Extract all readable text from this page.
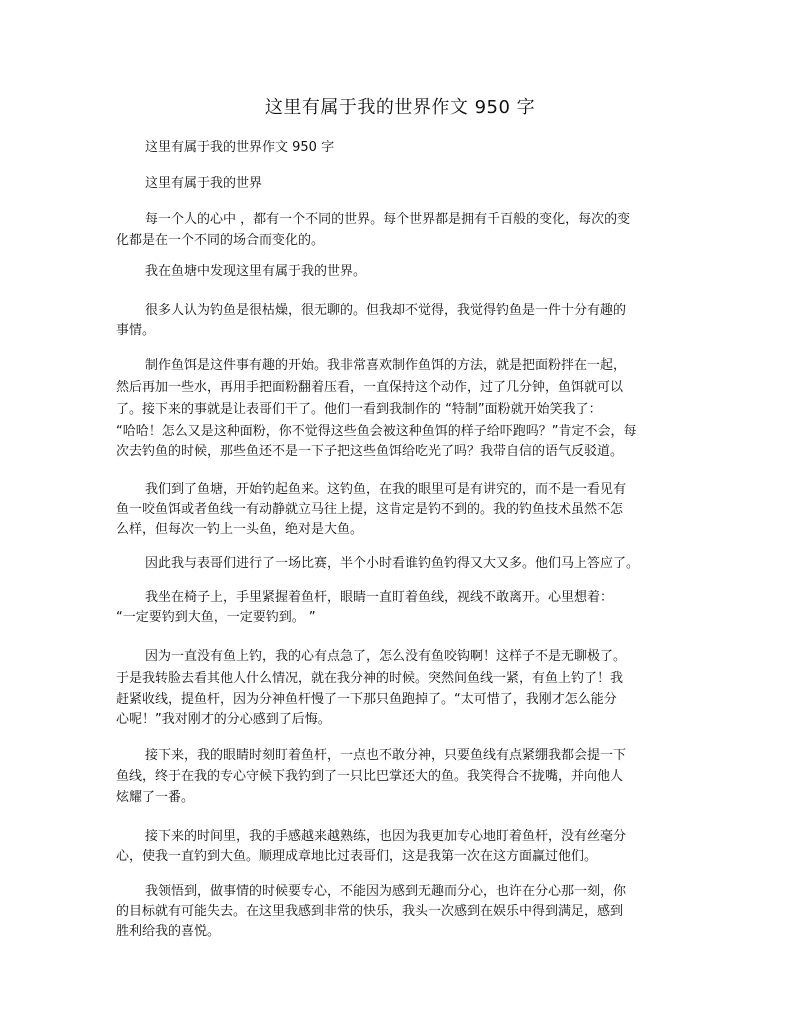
这里有属于我的世界作文 950 字
这里有属于我的世界作文 950 字
这里有属于我的世界
每一个人的心中 ，都有一个不同的世界。每个世界都是拥有千百般的变化，每次的变
化都是在一个不同的场合而变化的。
我在鱼塘中发现这里有属于我的世界。
很多人认为钓鱼是很枯燥，很无聊的。但我却不觉得，我觉得钓鱼是一件十分有趣的
事情。
制作鱼饵是这件事有趣的开始。我非常喜欢制作鱼饵的方法，就是把面粉拌在一起，
然后再加一些水，再用手把面粉翻着压看，一直保持这个动作，过了几分钟，鱼饵就可以
了。接下来的事就是让表哥们干了。他们一看到我制作的 “特制”面粉就开始笑我了：
“哈哈！怎么又是这种面粉，你不觉得这些鱼会被这种鱼饵的样子给吓跑吗？”肯定不会，每
次去钓鱼的时候，那些鱼还不是一下子把这些鱼饵给吃光了吗？我带自信的语气反驳道。
我们到了鱼塘，开始钓起鱼来。这钓鱼，在我的眼里可是有讲究的，而不是一看见有
鱼一咬鱼饵或者鱼线一有动静就立马往上提，这肯定是钓不到的。我的钓鱼技术虽然不怎
么样，但每次一钓上一头鱼，绝对是大鱼。
因此我与表哥们进行了一场比赛，半个小时看谁钓鱼钓得又大又多。他们马上答应了。
我坐在椅子上，手里紧握着鱼杆，眼睛一直盯着鱼线，视线不敢离开。心里想着：
“一定要钓到大鱼，一定要钓到。 ”
因为一直没有鱼上钓，我的心有点急了，怎么没有鱼咬钩啊！这样子不是无聊极了。
于是我转脸去看其他人什么情况，就在我分神的时候。突然间鱼线一紧，有鱼上钓了！我
赶紧收线，提鱼杆，因为分神鱼杆慢了一下那只鱼跑掉了。“太可惜了，我刚才怎么能分
心呢！”我对刚才的分心感到了后悔。
接下来，我的眼睛时刻盯着鱼杆，一点也不敢分神，只要鱼线有点紧绷我都会提一下
鱼线，终于在我的专心守候下我钓到了一只比巴掌还大的鱼。我笑得合不拢嘴，并向他人
炫耀了一番。
接下来的时间里，我的手感越来越熟练，也因为我更加专心地盯着鱼杆，没有丝毫分
心，使我一直钓到大鱼。顺理成章地比过表哥们，这是我第一次在这方面赢过他们。
我领悟到，做事情的时候要专心，不能因为感到无趣而分心，也许在分心那一刻，你
的目标就有可能失去。在这里我感到非常的快乐，我头一次感到在娱乐中得到满足，感到
胜利给我的喜悦。
